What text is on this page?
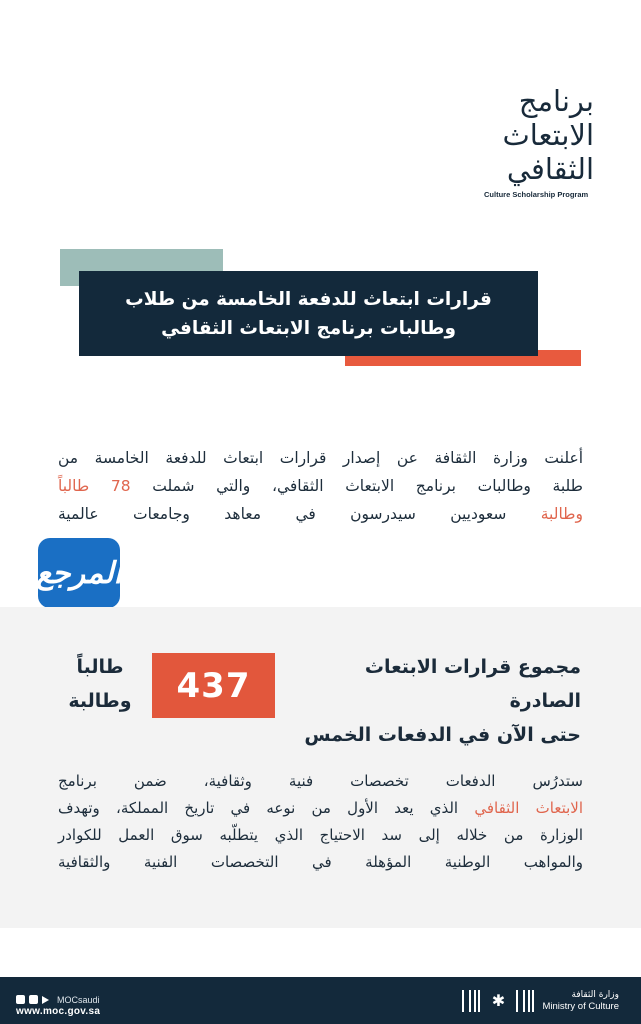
برنامج
الابتعاث
الثقافي
Culture Scholarship Program
قرارات ابتعاث للدفعة الخامسة من طلاب
وطالبات برنامج الابتعاث الثقافي

أعلنت وزارة الثقافة عن إصدار قرارات ابتعاث للدفعة الخامسة من

طلبة وطالبات برنامج الابتعاث الثقافي، والتي شملت 78 طالباً

وطالبة سعوديين سيدرسون في معاهد وجامعات عالمية

المرجع
مجموع قرارات الابتعاث الصادرة
حتى الآن في الدفعات الخمس
437
طالباً
وطالبة

ستدرُس الدفعات تخصصات فنية وثقافية، ضمن برنامج

الابتعاث الثقافي الذي يعد الأول من نوعه في تاريخ المملكة، وتهدف

الوزارة من خلاله إلى سد الاحتياج الذي يتطلّبه سوق العمل للكوادر

والمواهب الوطنية المؤهلة في التخصصات الفنية والثقافية

MOCsaudi
www.moc.gov.sa
✱	وزارة الثقافة
Ministry of Culture
